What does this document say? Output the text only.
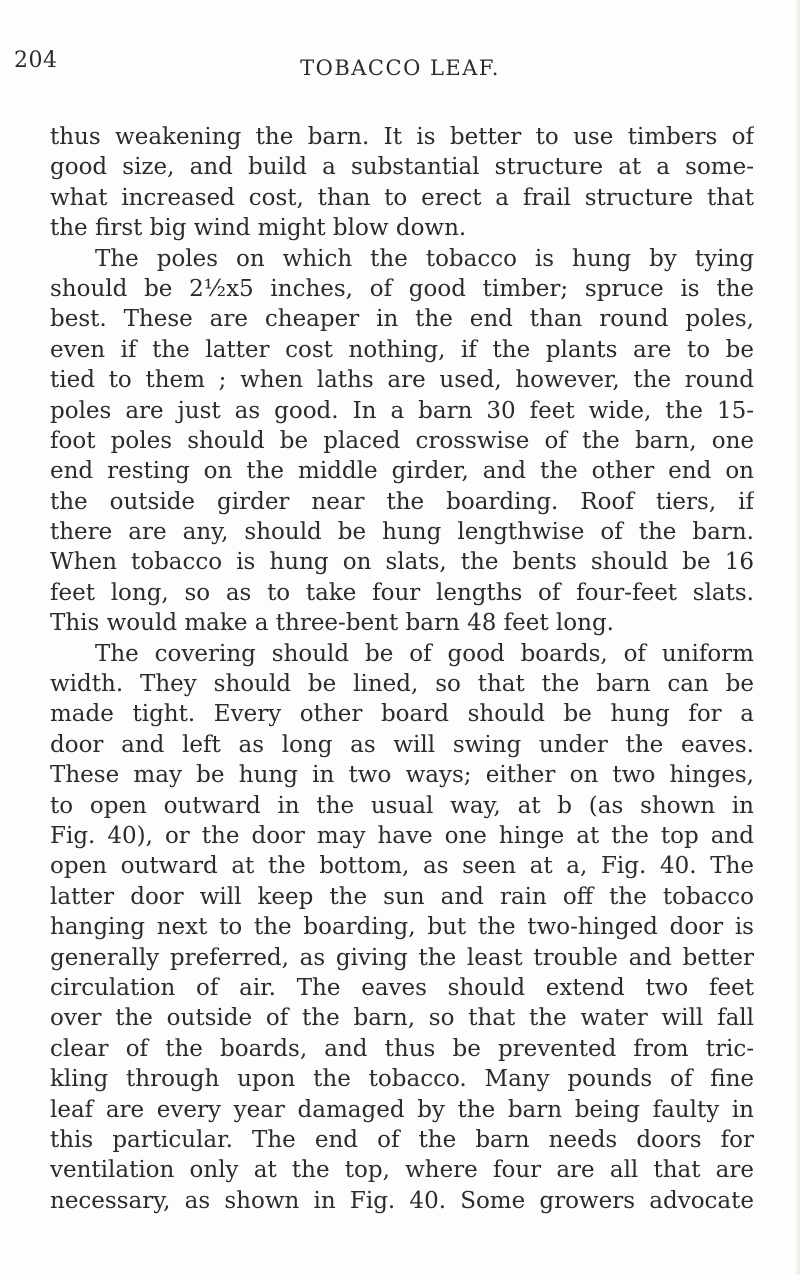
204	TOBACCO LEAF.
thus weakening the barn. It is better to use timbers of
good size, and build a substantial structure at a some-
what increased cost, than to erect a frail structure that
the first big wind might blow down.
The poles on which the tobacco is hung by tying
should be 2½x5 inches, of good timber; spruce is the
best. These are cheaper in the end than round poles,
even if the latter cost nothing, if the plants are to be
tied to them ; when laths are used, however, the round
poles are just as good. In a barn 30 feet wide, the 15-
foot poles should be placed crosswise of the barn, one
end resting on the middle girder, and the other end on
the outside girder near the boarding. Roof tiers, if
there are any, should be hung lengthwise of the barn.
When tobacco is hung on slats, the bents should be 16
feet long, so as to take four lengths of four-feet slats.
This would make a three-bent barn 48 feet long.
The covering should be of good boards, of uniform
width. They should be lined, so that the barn can be
made tight. Every other board should be hung for a
door and left as long as will swing under the eaves.
These may be hung in two ways; either on two hinges,
to open outward in the usual way, at b (as shown in
Fig. 40), or the door may have one hinge at the top and
open outward at the bottom, as seen at a, Fig. 40. The
latter door will keep the sun and rain off the tobacco
hanging next to the boarding, but the two-hinged door is
generally preferred, as giving the least trouble and better
circulation of air. The eaves should extend two feet
over the outside of the barn, so that the water will fall
clear of the boards, and thus be prevented from tric-
kling through upon the tobacco. Many pounds of fine
leaf are every year damaged by the barn being faulty in
this particular. The end of the barn needs doors for
ventilation only at the top, where four are all that are
necessary, as shown in Fig. 40. Some growers advocate
